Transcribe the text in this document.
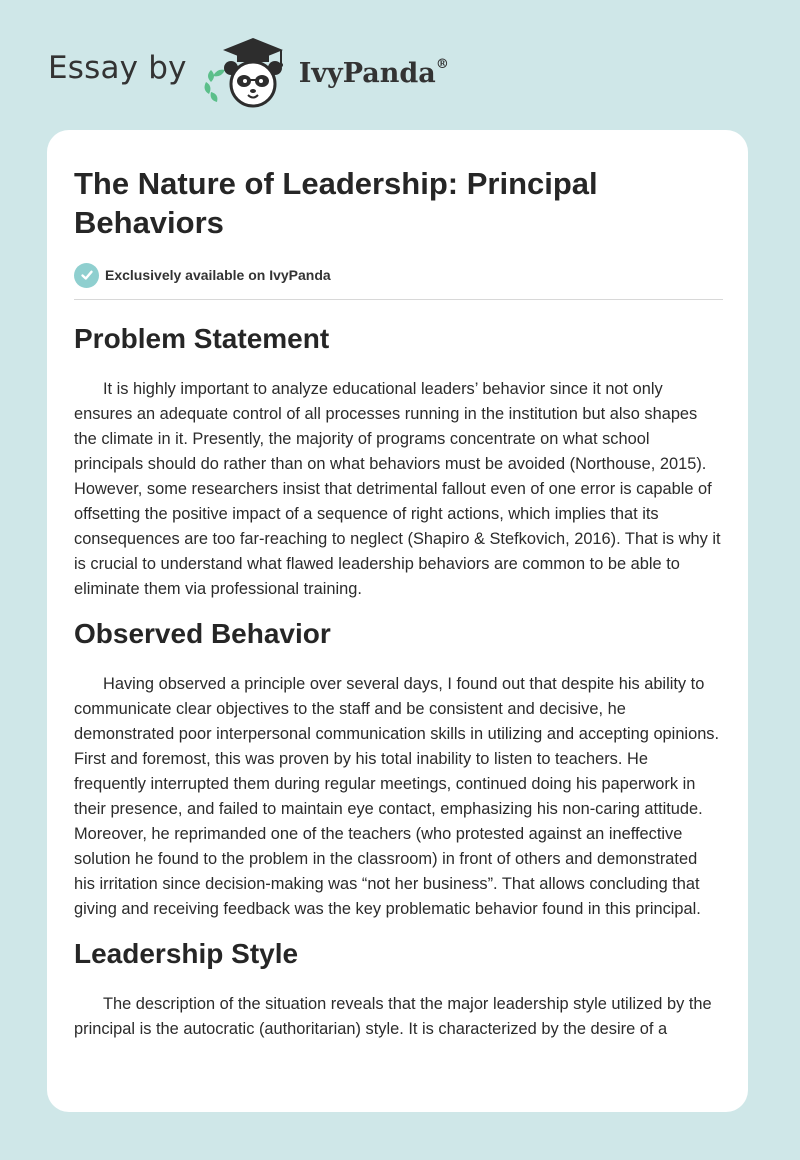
Essay by	IvyPanda®
The Nature of Leadership: Principal Behaviors
Exclusively available on IvyPanda
Problem Statement

It is highly important to analyze educational leaders’ behavior since it not only ensures an adequate control of all processes running in the institution but also shapes the climate in it. Presently, the majority of programs concentrate on what school principals should do rather than on what behaviors must be avoided (Northouse, 2015). However, some researchers insist that detrimental fallout even of one error is capable of offsetting the positive impact of a sequence of right actions, which implies that its consequences are too far-reaching to neglect (Shapiro & Stefkovich, 2016). That is why it is crucial to understand what flawed leadership behaviors are common to be able to eliminate them via professional training.

Observed Behavior

Having observed a principle over several days, I found out that despite his ability to communicate clear objectives to the staff and be consistent and decisive, he demonstrated poor interpersonal communication skills in utilizing and accepting opinions. First and foremost, this was proven by his total inability to listen to teachers. He frequently interrupted them during regular meetings, continued doing his paperwork in their presence, and failed to maintain eye contact, emphasizing his non-caring attitude. Moreover, he reprimanded one of the teachers (who protested against an ineffective solution he found to the problem in the classroom) in front of others and demonstrated his irritation since decision-making was “not her business”. That allows concluding that giving and receiving feedback was the key problematic behavior found in this principal.

Leadership Style

The description of the situation reveals that the major leadership style utilized by the principal is the autocratic (authoritarian) style. It is characterized by the desire of a
